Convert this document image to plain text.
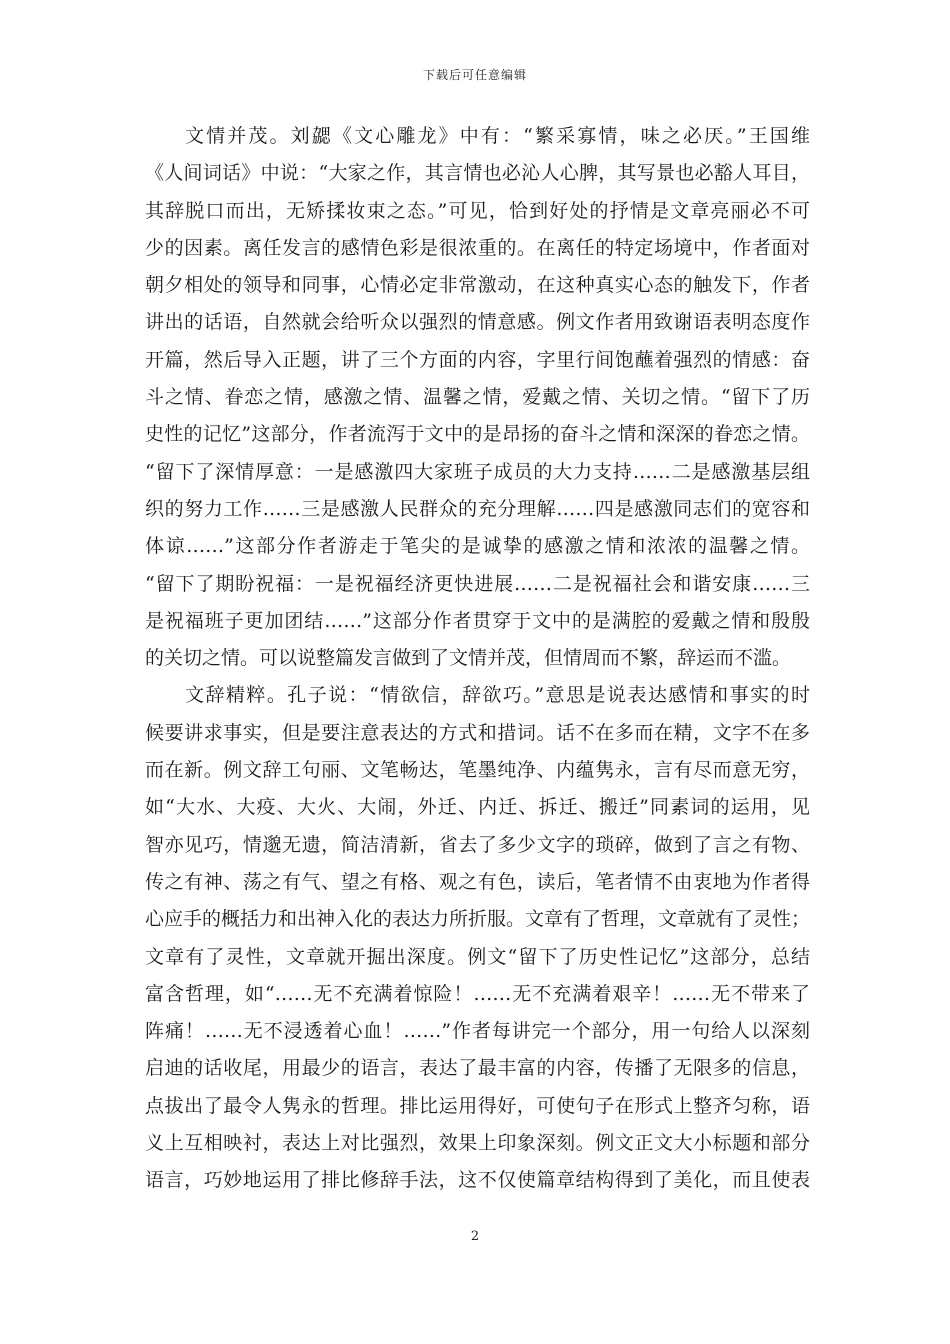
下载后可任意编辑
文情并茂。刘勰《文心雕龙》中有：“繁采寡情，味之必厌。”王国维
《人间词话》中说：“大家之作，其言情也必沁人心脾，其写景也必豁人耳目，
其辞脱口而出，无矫揉妆束之态。”可见，恰到好处的抒情是文章亮丽必不可
少的因素。离任发言的感情色彩是很浓重的。在离任的特定场境中，作者面对
朝夕相处的领导和同事，心情必定非常激动，在这种真实心态的触发下，作者
讲出的话语，自然就会给听众以强烈的情意感。例文作者用致谢语表明态度作
开篇，然后导入正题，讲了三个方面的内容，字里行间饱蘸着强烈的情感：奋
斗之情、眷恋之情，感激之情、温馨之情，爱戴之情、关切之情。“留下了历
史性的记忆”这部分，作者流泻于文中的是昂扬的奋斗之情和深深的眷恋之情。
“留下了深情厚意：一是感激四大家班子成员的大力支持……二是感激基层组
织的努力工作……三是感激人民群众的充分理解……四是感激同志们的宽容和
体谅……”这部分作者游走于笔尖的是诚挚的感激之情和浓浓的温馨之情。
“留下了期盼祝福：一是祝福经济更快进展……二是祝福社会和谐安康……三
是祝福班子更加团结……”这部分作者贯穿于文中的是满腔的爱戴之情和殷殷
的关切之情。可以说整篇发言做到了文情并茂，但情周而不繁，辞运而不滥。
文辞精粹。孔子说：“情欲信，辞欲巧。”意思是说表达感情和事实的时
候要讲求事实，但是要注意表达的方式和措词。话不在多而在精，文字不在多
而在新。例文辞工句丽、文笔畅达，笔墨纯净、内蕴隽永，言有尽而意无穷，
如“大水、大疫、大火、大闹，外迁、内迁、拆迁、搬迁”同素词的运用，见
智亦见巧，情邈无遗，简洁清新，省去了多少文字的琐碎，做到了言之有物、
传之有神、荡之有气、望之有格、观之有色，读后，笔者情不由衷地为作者得
心应手的概括力和出神入化的表达力所折服。文章有了哲理，文章就有了灵性；
文章有了灵性，文章就开掘出深度。例文“留下了历史性记忆”这部分，总结
富含哲理，如“……无不充满着惊险！……无不充满着艰辛！……无不带来了
阵痛！……无不浸透着心血！……”作者每讲完一个部分，用一句给人以深刻
启迪的话收尾，用最少的语言，表达了最丰富的内容，传播了无限多的信息，
点拔出了最令人隽永的哲理。排比运用得好，可使句子在形式上整齐匀称，语
义上互相映衬，表达上对比强烈，效果上印象深刻。例文正文大小标题和部分
语言，巧妙地运用了排比修辞手法，这不仅使篇章结构得到了美化，而且使表
2
